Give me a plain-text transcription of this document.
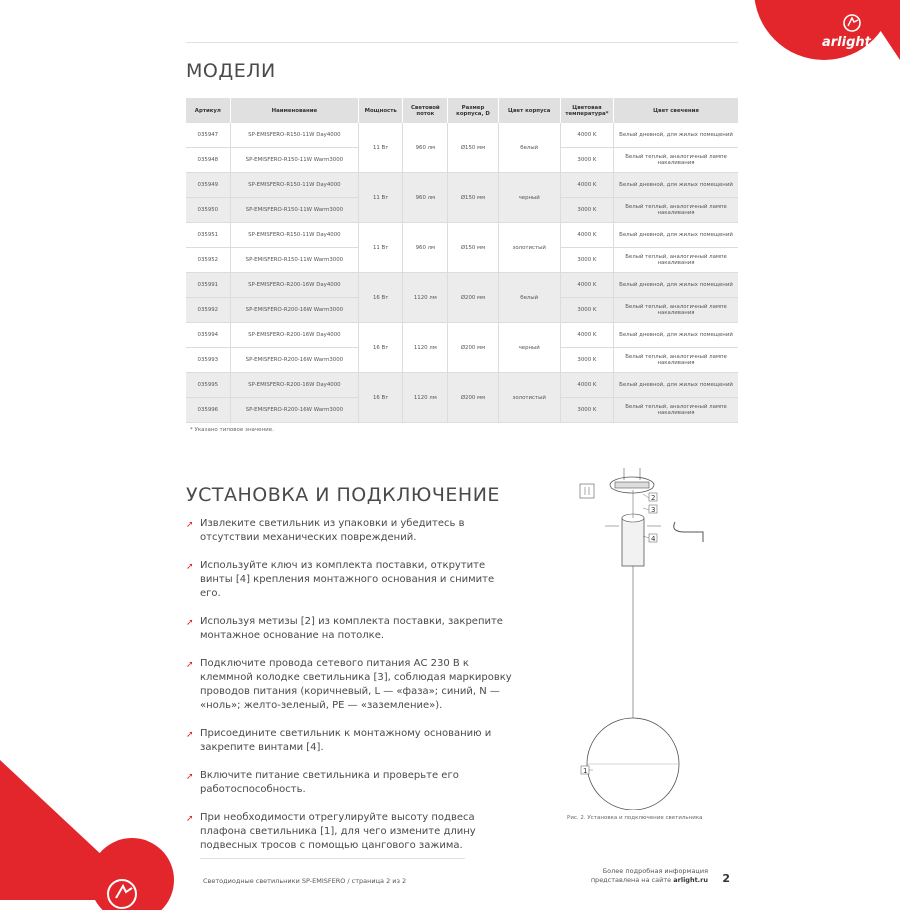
arlight
МОДЕЛИ
Артикул	Наименование	Мощность	Световой поток	Размер корпуса, D	Цвет корпуса	Цветовая температура*	Цвет свечения
035947	SP-EMISFERO-R150-11W Day4000	11 Вт	960 лм	Ø150 мм	белый	4000 K	Белый дневной, для жилых помещений
035948	SP-EMISFERO-R150-11W Warm3000					3000 K	Белый теплый, аналогичный лампе накаливания
035949	SP-EMISFERO-R150-11W Day4000	11 Вт	960 лм	Ø150 мм	черный	4000 K	Белый дневной, для жилых помещений
035950	SP-EMISFERO-R150-11W Warm3000					3000 K	Белый теплый, аналогичный лампе накаливания
035951	SP-EMISFERO-R150-11W Day4000	11 Вт	960 лм	Ø150 мм	золотистый	4000 K	Белый дневной, для жилых помещений
035952	SP-EMISFERO-R150-11W Warm3000					3000 K	Белый теплый, аналогичный лампе накаливания
035991	SP-EMISFERO-R200-16W Day4000	16 Вт	1120 лм	Ø200 мм	белый	4000 K	Белый дневной, для жилых помещений
035992	SP-EMISFERO-R200-16W Warm3000					3000 K	Белый теплый, аналогичный лампе накаливания
035994	SP-EMISFERO-R200-16W Day4000	16 Вт	1120 лм	Ø200 мм	черный	4000 K	Белый дневной, для жилых помещений
035993	SP-EMISFERO-R200-16W Warm3000					3000 K	Белый теплый, аналогичный лампе накаливания
035995	SP-EMISFERO-R200-16W Day4000	16 Вт	1120 лм	Ø200 мм	золотистый	4000 K	Белый дневной, для жилых помещений
035996	SP-EMISFERO-R200-16W Warm3000					3000 K	Белый теплый, аналогичный лампе накаливания
* Указано типовое значение.
УСТАНОВКА И ПОДКЛЮЧЕНИЕ
➚ Извлеките светильник из упаковки и убедитесь в отсутствии механических повреждений.
➚ Используйте ключ из комплекта поставки, открутите винты [4] крепления монтажного основания и снимите его.
➚ Используя метизы [2] из комплекта поставки, закрепите монтажное основание на потолке.
➚ Подключите провода сетевого питания АС 230 В к клеммной колодке светильника [3], соблюдая маркировку проводов питания (коричневый, L — «фаза»; синий, N — «ноль»; желто-зеленый, PE — «заземление»).
➚ Присоедините светильник к монтажному основанию и закрепите винтами [4].
➚ Включите питание светильника и проверьте его работоспособность.
➚ При необходимости отрегулируйте высоту подвеса плафона светильника [1], для чего измените длину подвесных тросов с помощью цангового зажима.
2
3
4
1
Рис. 2. Установка и подключение светильника
Светодиодные светильники SP-EMISFERO / страница 2 из 2
Более подробная информация
представлена на сайте arlight.ru 2
